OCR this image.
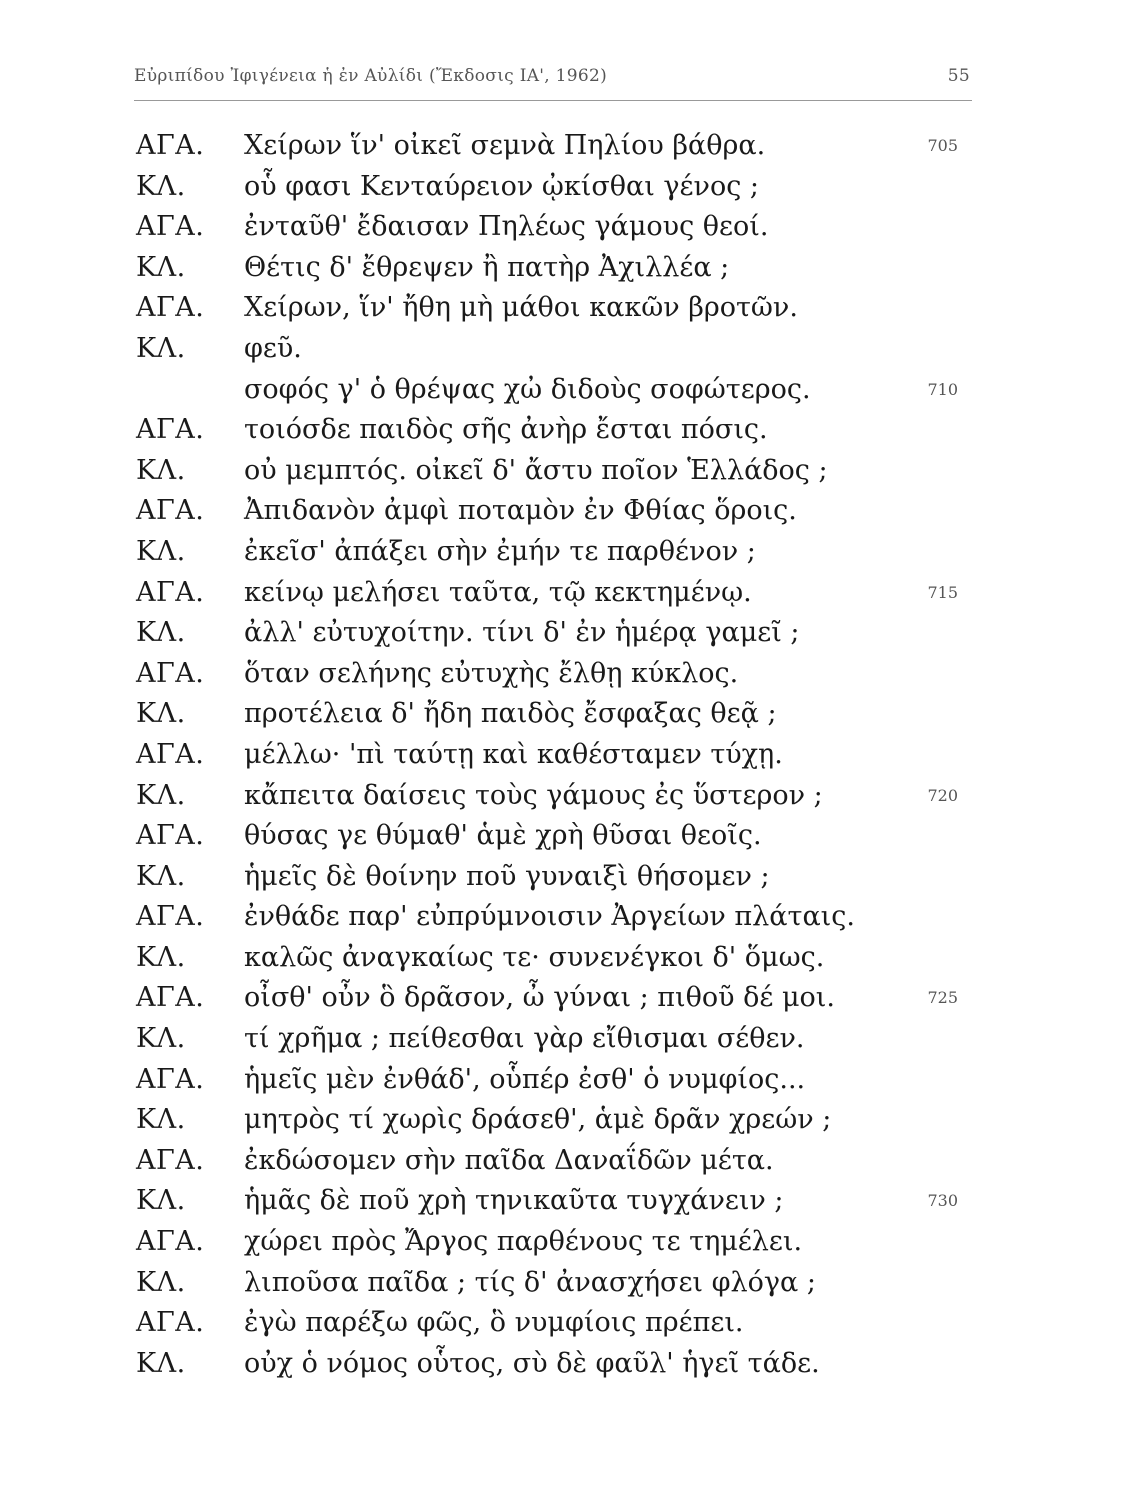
Εὐριπίδου Ἰφιγένεια ἡ ἐν Αὐλίδι (Ἔκδοσις ΙΑ', 1962)	55
ΑΓΑ. Χείρων ἵν' οἰκεῖ σεμνὰ Πηλίου βάθρα.	705
ΚΛ. οὗ φασι Κενταύρειον ᾠκίσθαι γένος ;
ΑΓΑ. ἐνταῦθ' ἔδαισαν Πηλέως γάμους θεοί.
ΚΛ. Θέτις δ' ἔθρεψεν ἢ πατὴρ Ἀχιλλέα ;
ΑΓΑ. Χείρων, ἵν' ἤθη μὴ μάθοι κακῶν βροτῶν.
ΚΛ. φεῦ.
σοφός γ' ὁ θρέψας χὠ διδοὺς σοφώτερος.	710
ΑΓΑ. τοιόσδε παιδὸς σῆς ἀνὴρ ἔσται πόσις.
ΚΛ. οὐ μεμπτός. οἰκεῖ δ' ἄστυ ποῖον Ἑλλάδος ;
ΑΓΑ. Ἀπιδανὸν ἀμφὶ ποταμὸν ἐν Φθίας ὅροις.
ΚΛ. ἐκεῖσ' ἀπάξει σὴν ἐμήν τε παρθένον ;
ΑΓΑ. κείνῳ μελήσει ταῦτα, τῷ κεκτημένῳ.	715
ΚΛ. ἀλλ' εὐτυχοίτην. τίνι δ' ἐν ἡμέρᾳ γαμεῖ ;
ΑΓΑ. ὅταν σελήνης εὐτυχὴς ἔλθῃ κύκλος.
ΚΛ. προτέλεια δ' ἤδη παιδὸς ἔσφαξας θεᾷ ;
ΑΓΑ. μέλλω· 'πὶ ταύτῃ καὶ καθέσταμεν τύχῃ.
ΚΛ. κἄπειτα δαίσεις τοὺς γάμους ἐς ὕστερον ;	720
ΑΓΑ. θύσας γε θύμαθ' ἁμὲ χρὴ θῦσαι θεοῖς.
ΚΛ. ἡμεῖς δὲ θοίνην ποῦ γυναιξὶ θήσομεν ;
ΑΓΑ. ἐνθάδε παρ' εὐπρύμνοισιν Ἀργείων πλάταις.
ΚΛ. καλῶς ἀναγκαίως τε· συνενέγκοι δ' ὅμως.
ΑΓΑ. οἶσθ' οὖν ὃ δρᾶσον, ὦ γύναι ; πιθοῦ δέ μοι.	725
ΚΛ. τί χρῆμα ; πείθεσθαι γὰρ εἴθισμαι σέθεν.
ΑΓΑ. ἡμεῖς μὲν ἐνθάδ', οὗπέρ ἐσθ' ὁ νυμφίος...
ΚΛ. μητρὸς τί χωρὶς δράσεθ', ἁμὲ δρᾶν χρεών ;
ΑΓΑ. ἐκδώσομεν σὴν παῖδα Δαναΐδῶν μέτα.
ΚΛ. ἡμᾶς δὲ ποῦ χρὴ τηνικαῦτα τυγχάνειν ;	730
ΑΓΑ. χώρει πρὸς Ἄργος παρθένους τε τημέλει.
ΚΛ. λιποῦσα παῖδα ; τίς δ' ἀνασχήσει φλόγα ;
ΑΓΑ. ἐγὼ παρέξω φῶς, ὃ νυμφίοις πρέπει.
ΚΛ. οὐχ ὁ νόμος οὗτος, σὺ δὲ φαῦλ' ἡγεῖ τάδε.
